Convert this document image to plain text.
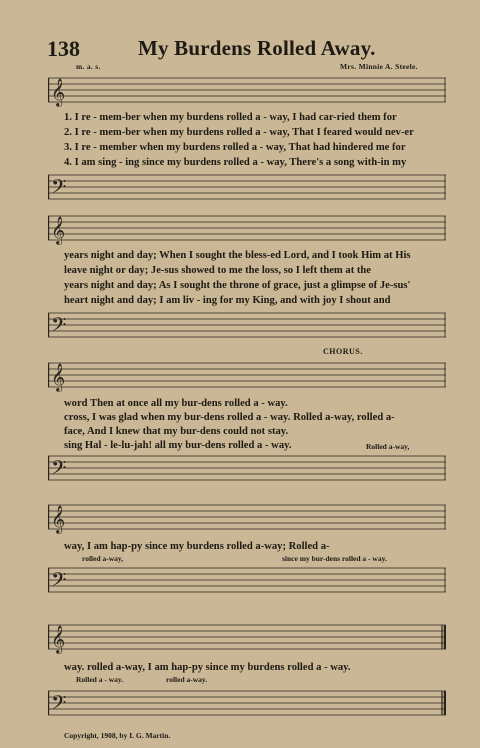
138	My Burdens Rolled Away.
m. a. s.	Mrs. Minnie A. Steele.
𝄞
1. I re - mem-ber when my burdens rolled a - way, I had car-ried them for
2. I re - mem-ber when my burdens rolled a - way, That I feared would nev-er
3. I re - member when my burdens rolled a - way, That had hindered me for
4. I am sing - ing since my burdens rolled a - way, There's a song with-in my
𝄢
𝄞
years night and day; When I sought the bless-ed Lord, and I took Him at His
leave night or day; Je-sus showed to me the loss, so I left them at the
years night and day; As I sought the throne of grace, just a glimpse of Je-sus'
heart night and day; I am liv - ing for my King, and with joy I shout and
𝄢
CHORUS.
𝄞
word Then at once all my bur-dens rolled a - way.
cross, I was glad when my bur-dens rolled a - way. Rolled a-way, rolled a-
face, And I knew that my bur-dens could not stay.
sing Hal - le-lu-jah! all my bur-dens rolled a - way.	Rolled a-way,
𝄢
𝄞
way, I am hap-py since my burdens rolled a-way; Rolled a-
rolled a-way,	since my bur-dens rolled a - way.
𝄢
𝄞
way. rolled a-way, I am hap-py since my burdens rolled a - way.
Rolled a - way.	rolled a-way.
𝄢
Copyright, 1908, by I. G. Martin.
